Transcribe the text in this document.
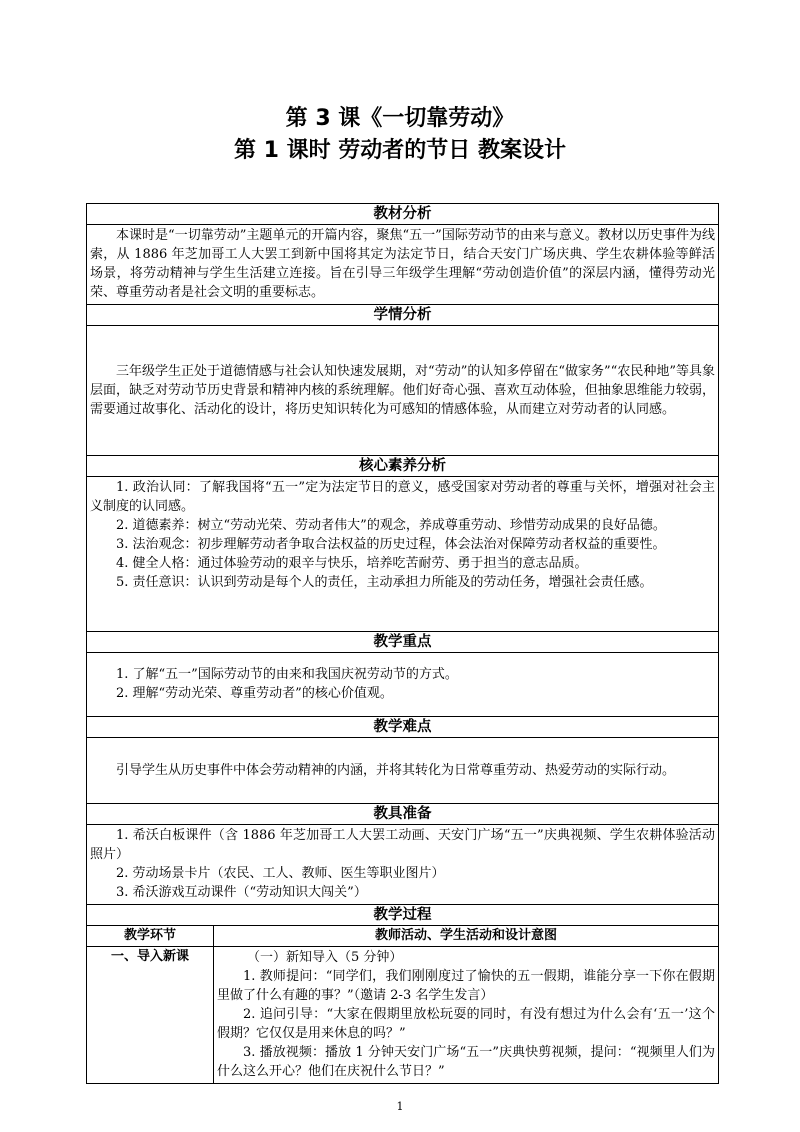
第 3 课《一切靠劳动》
第 1 课时 劳动者的节日 教案设计
教材分析	

本课时是“一切靠劳动”主题单元的开篇内容，聚焦“五一”国际劳动节的由来与意义。教材以历史事件为线索，从 1886 年芝加哥工人大罢工到新中国将其定为法定节日，结合天安门广场庆典、学生农耕体验等鲜活场景，将劳动精神与学生生活建立连接。旨在引导三年级学生理解“劳动创造价值”的深层内涵，懂得劳动光荣、尊重劳动者是社会文明的重要标志。	

学情分析	

三年级学生正处于道德情感与社会认知快速发展期，对“劳动”的认知多停留在“做家务”“农民种地”等具象层面，缺乏对劳动节历史背景和精神内核的系统理解。他们好奇心强、喜欢互动体验，但抽象思维能力较弱，需要通过故事化、活动化的设计，将历史知识转化为可感知的情感体验，从而建立对劳动者的认同感。	

核心素养分析	

1. 政治认同：了解我国将“五一”定为法定节日的意义，感受国家对劳动者的尊重与关怀，增强对社会主义制度的认同感。

2. 道德素养：树立“劳动光荣、劳动者伟大”的观念，养成尊重劳动、珍惜劳动成果的良好品德。

3. 法治观念：初步理解劳动者争取合法权益的历史过程，体会法治对保障劳动者权益的重要性。

4. 健全人格：通过体验劳动的艰辛与快乐，培养吃苦耐劳、勇于担当的意志品质。

5. 责任意识：认识到劳动是每个人的责任，主动承担力所能及的劳动任务，增强社会责任感。	

教学重点	

1. 了解“五一”国际劳动节的由来和我国庆祝劳动节的方式。

2. 理解“劳动光荣、尊重劳动者”的核心价值观。	

教学难点	

引导学生从历史事件中体会劳动精神的内涵，并将其转化为日常尊重劳动、热爱劳动的实际行动。	

教具准备	

1. 希沃白板课件（含 1886 年芝加哥工人大罢工动画、天安门广场“五一”庆典视频、学生农耕体验活动照片）

2. 劳动场景卡片（农民、工人、教师、医生等职业图片）

3. 希沃游戏互动课件（“劳动知识大闯关”）	

教学过程	
教学环节	教师活动、学生活动和设计意图
一、导入新课	（一）新知导入（5 分钟）

1. 教师提问：“同学们，我们刚刚度过了愉快的五一假期，谁能分享一下你在假期里做了什么有趣的事？”（邀请 2-3 名学生发言）

2. 追问引导：“大家在假期里放松玩耍的同时，有没有想过为什么会有‘五一’这个假期？它仅仅是用来休息的吗？”

3. 播放视频：播放 1 分钟天安门广场“五一”庆典快剪视频，提问：“视频里人们为什么这么开心？他们在庆祝什么节日？”

1
